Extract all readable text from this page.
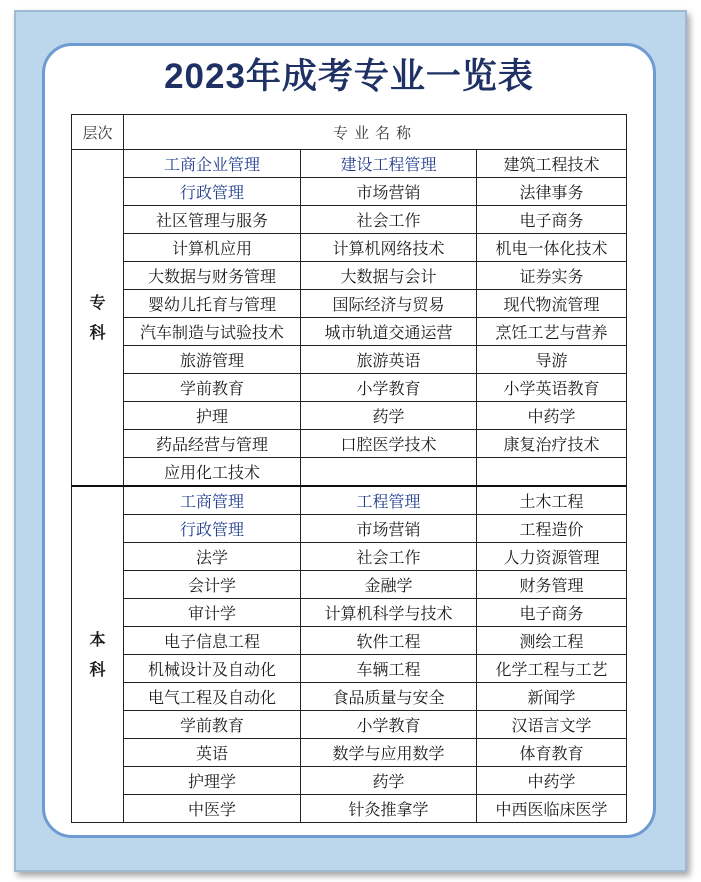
2023年成考专业一览表
层次	专业名称		

专
科	工商企业管理	建设工程管理	建筑工程技术
	行政管理	市场营销	法律事务
	社区管理与服务	社会工作	电子商务
	计算机应用	计算机网络技术	机电一体化技术
	大数据与财务管理	大数据与会计	证券实务
	婴幼儿托育与管理	国际经济与贸易	现代物流管理
	汽车制造与试验技术	城市轨道交通运营	烹饪工艺与营养
	旅游管理	旅游英语	导游
	学前教育	小学教育	小学英语教育
	护理	药学	中药学
	药品经营与管理	口腔医学技术	康复治疗技术
	应用化工技术		

本
科	工商管理	工程管理	土木工程
	行政管理	市场营销	工程造价
	法学	社会工作	人力资源管理
	会计学	金融学	财务管理
	审计学	计算机科学与技术	电子商务
	电子信息工程	软件工程	测绘工程
	机械设计及自动化	车辆工程	化学工程与工艺
	电气工程及自动化	食品质量与安全	新闻学
	学前教育	小学教育	汉语言文学
	英语	数学与应用数学	体育教育
	护理学	药学	中药学
	中医学	针灸推拿学	中西医临床医学
